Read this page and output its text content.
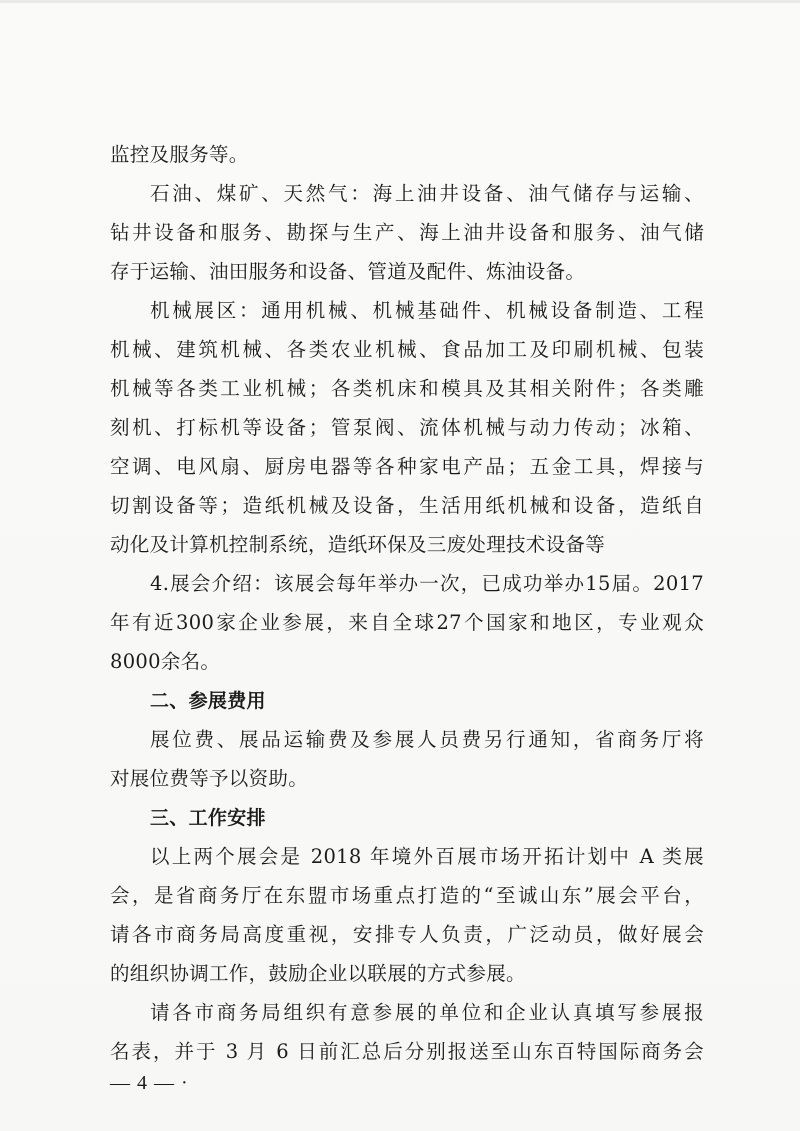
监控及服务等。
石油、煤矿、天然气：海上油井设备、油气储存与运输、
钻井设备和服务、勘探与生产、海上油井设备和服务、油气储
存于运输、油田服务和设备、管道及配件、炼油设备。
机械展区：通用机械、机械基础件、机械设备制造、工程
机械、建筑机械、各类农业机械、食品加工及印刷机械、包装
机械等各类工业机械；各类机床和模具及其相关附件；各类雕
刻机、打标机等设备；管泵阀、流体机械与动力传动；冰箱、
空调、电风扇、厨房电器等各种家电产品；五金工具，焊接与
切割设备等；造纸机械及设备，生活用纸机械和设备，造纸自
动化及计算机控制系统，造纸环保及三废处理技术设备等
4.展会介绍：该展会每年举办一次，已成功举办15届。2017
年有近300家企业参展，来自全球27个国家和地区，专业观众
8000余名。
二、参展费用
展位费、展品运输费及参展人员费另行通知，省商务厅将
对展位费等予以资助。
三、工作安排
以上两个展会是 2018 年境外百展市场开拓计划中 A 类展
会，是省商务厅在东盟市场重点打造的“至诚山东”展会平台，
请各市商务局高度重视，安排专人负责，广泛动员，做好展会
的组织协调工作，鼓励企业以联展的方式参展。
请各市商务局组织有意参展的单位和企业认真填写参展报
名表，并于 3 月 6 日前汇总后分别报送至山东百特国际商务会
— 4 — ·
